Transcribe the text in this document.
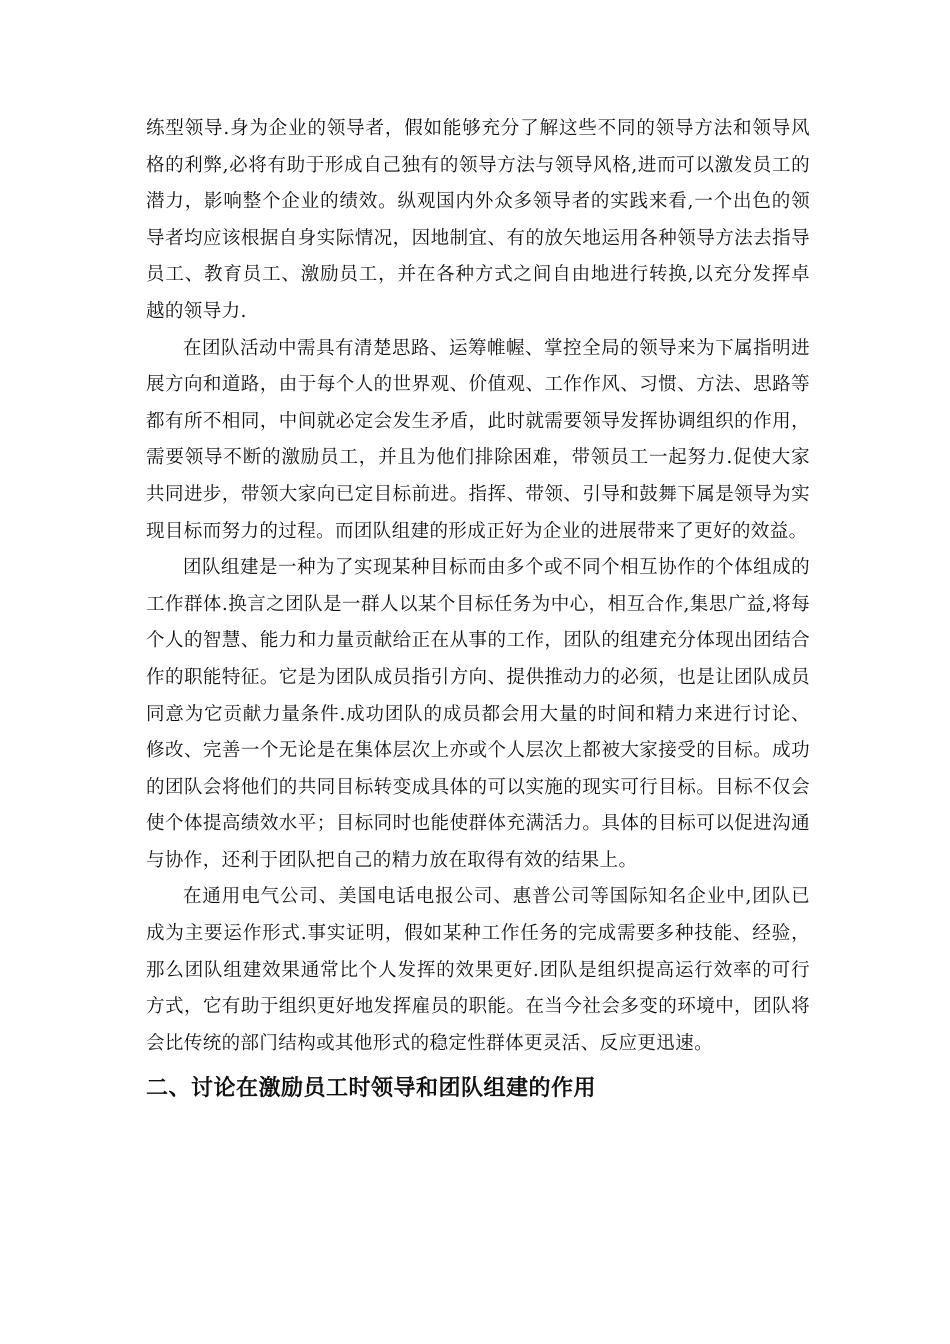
练型领导.身为企业的领导者，假如能够充分了解这些不同的领导方法和领导风格的利弊,必将有助于形成自己独有的领导方法与领导风格,进而可以激发员工的潜力，影响整个企业的绩效。纵观国内外众多领导者的实践来看,一个出色的领导者均应该根据自身实际情况，因地制宜、有的放矢地运用各种领导方法去指导员工、教育员工、激励员工，并在各种方式之间自由地进行转换,以充分发挥卓越的领导力.

在团队活动中需具有清楚思路、运筹帷幄、掌控全局的领导来为下属指明进展方向和道路，由于每个人的世界观、价值观、工作作风、习惯、方法、思路等都有所不相同，中间就必定会发生矛盾，此时就需要领导发挥协调组织的作用，需要领导不断的激励员工，并且为他们排除困难，带领员工一起努力.促使大家共同进步，带领大家向已定目标前进。指挥、带领、引导和鼓舞下属是领导为实现目标而努力的过程。而团队组建的形成正好为企业的进展带来了更好的效益。

团队组建是一种为了实现某种目标而由多个或不同个相互协作的个体组成的工作群体.换言之团队是一群人以某个目标任务为中心，相互合作,集思广益,将每个人的智慧、能力和力量贡献给正在从事的工作，团队的组建充分体现出团结合作的职能特征。它是为团队成员指引方向、提供推动力的必须，也是让团队成员同意为它贡献力量条件.成功团队的成员都会用大量的时间和精力来进行讨论、修改、完善一个无论是在集体层次上亦或个人层次上都被大家接受的目标。成功的团队会将他们的共同目标转变成具体的可以实施的现实可行目标。目标不仅会使个体提高绩效水平；目标同时也能使群体充满活力。具体的目标可以促进沟通与协作，还利于团队把自己的精力放在取得有效的结果上。

在通用电气公司、美国电话电报公司、惠普公司等国际知名企业中,团队已成为主要运作形式.事实证明，假如某种工作任务的完成需要多种技能、经验，那么团队组建效果通常比个人发挥的效果更好.团队是组织提高运行效率的可行方式，它有助于组织更好地发挥雇员的职能。在当今社会多变的环境中，团队将会比传统的部门结构或其他形式的稳定性群体更灵活、反应更迅速。

二、讨论在激励员工时领导和团队组建的作用
